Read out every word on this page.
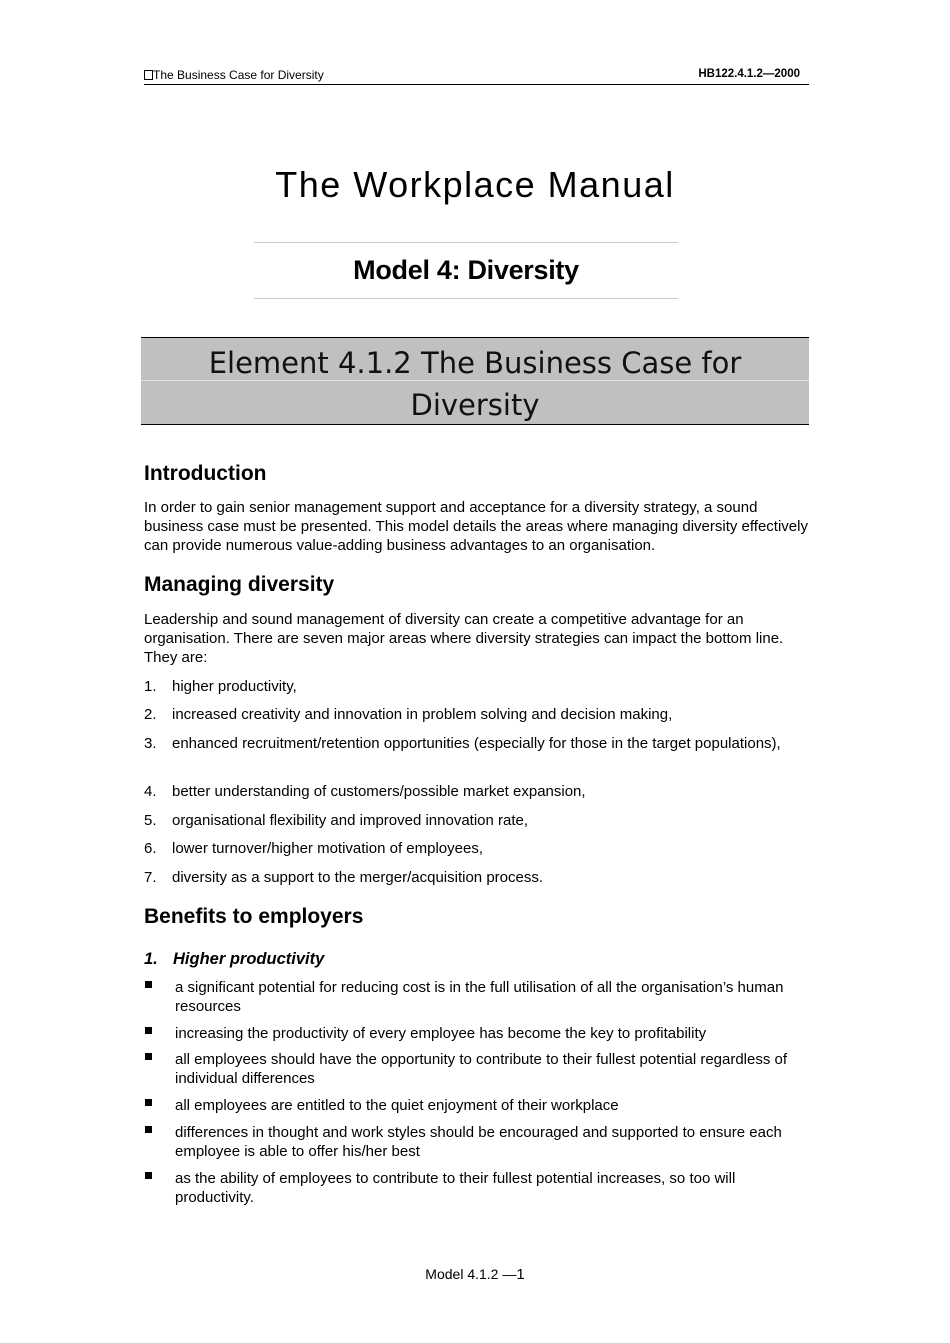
The Business Case for Diversity	HB122.4.1.2—2000
The Workplace Manual
Model 4: Diversity
Element 4.1.2 The Business Case for Diversity
Introduction

In order to gain senior management support and acceptance for a diversity strategy, a sound business case must be presented. This model details the areas where managing diversity effectively can provide numerous value-adding business advantages to an organisation.

Managing diversity

Leadership and sound management of diversity can create a competitive advantage for an organisation. There are seven major areas where diversity strategies can impact the bottom line. They are:

1. higher productivity,
2. increased creativity and innovation in problem solving and decision making,
3. enhanced recruitment/retention opportunities (especially for those in the target populations),
4. better understanding of customers/possible market expansion,
5. organisational flexibility and improved innovation rate,
6. lower turnover/higher motivation of employees,
7. diversity as a support to the merger/acquisition process.
Benefits to employers
1. Higher productivity
a significant potential for reducing cost is in the full utilisation of all the organisation’s human resources
increasing the productivity of every employee has become the key to profitability
all employees should have the opportunity to contribute to their fullest potential regardless of individual differences
all employees are entitled to the quiet enjoyment of their workplace
differences in thought and work styles should be encouraged and supported to ensure each employee is able to offer his/her best
as the ability of employees to contribute to their fullest potential increases, so too will productivity.
Model 4.1.2 —1
